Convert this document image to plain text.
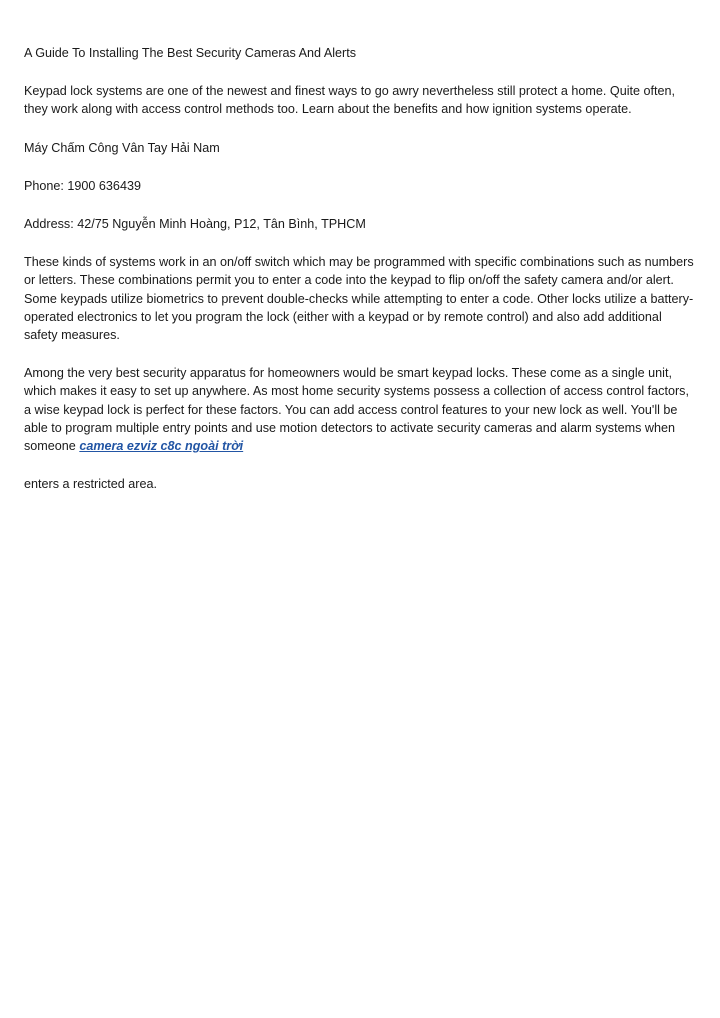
A Guide To Installing The Best Security Cameras And Alerts

Keypad lock systems are one of the newest and finest ways to go awry nevertheless still protect a home. Quite often, they work along with access control methods too. Learn about the benefits and how ignition systems operate.

Máy Chấm Công Vân Tay Hải Nam

Phone: 1900 636439

Address: 42/75 Nguyễn Minh Hoàng, P12, Tân Bình, TPHCM

These kinds of systems work in an on/off switch which may be programmed with specific combinations such as numbers or letters. These combinations permit you to enter a code into the keypad to flip on/off the safety camera and/or alert. Some keypads utilize biometrics to prevent double-checks while attempting to enter a code. Other locks utilize a battery-operated electronics to let you program the lock (either with a keypad or by remote control) and also add additional safety measures.

Among the very best security apparatus for homeowners would be smart keypad locks. These come as a single unit, which makes it easy to set up anywhere. As most home security systems possess a collection of access control factors, a wise keypad lock is perfect for these factors. You can add access control features to your new lock as well. You'll be able to program multiple entry points and use motion detectors to activate security cameras and alarm systems when someone camera ezviz c8c ngoài trời

enters a restricted area.
